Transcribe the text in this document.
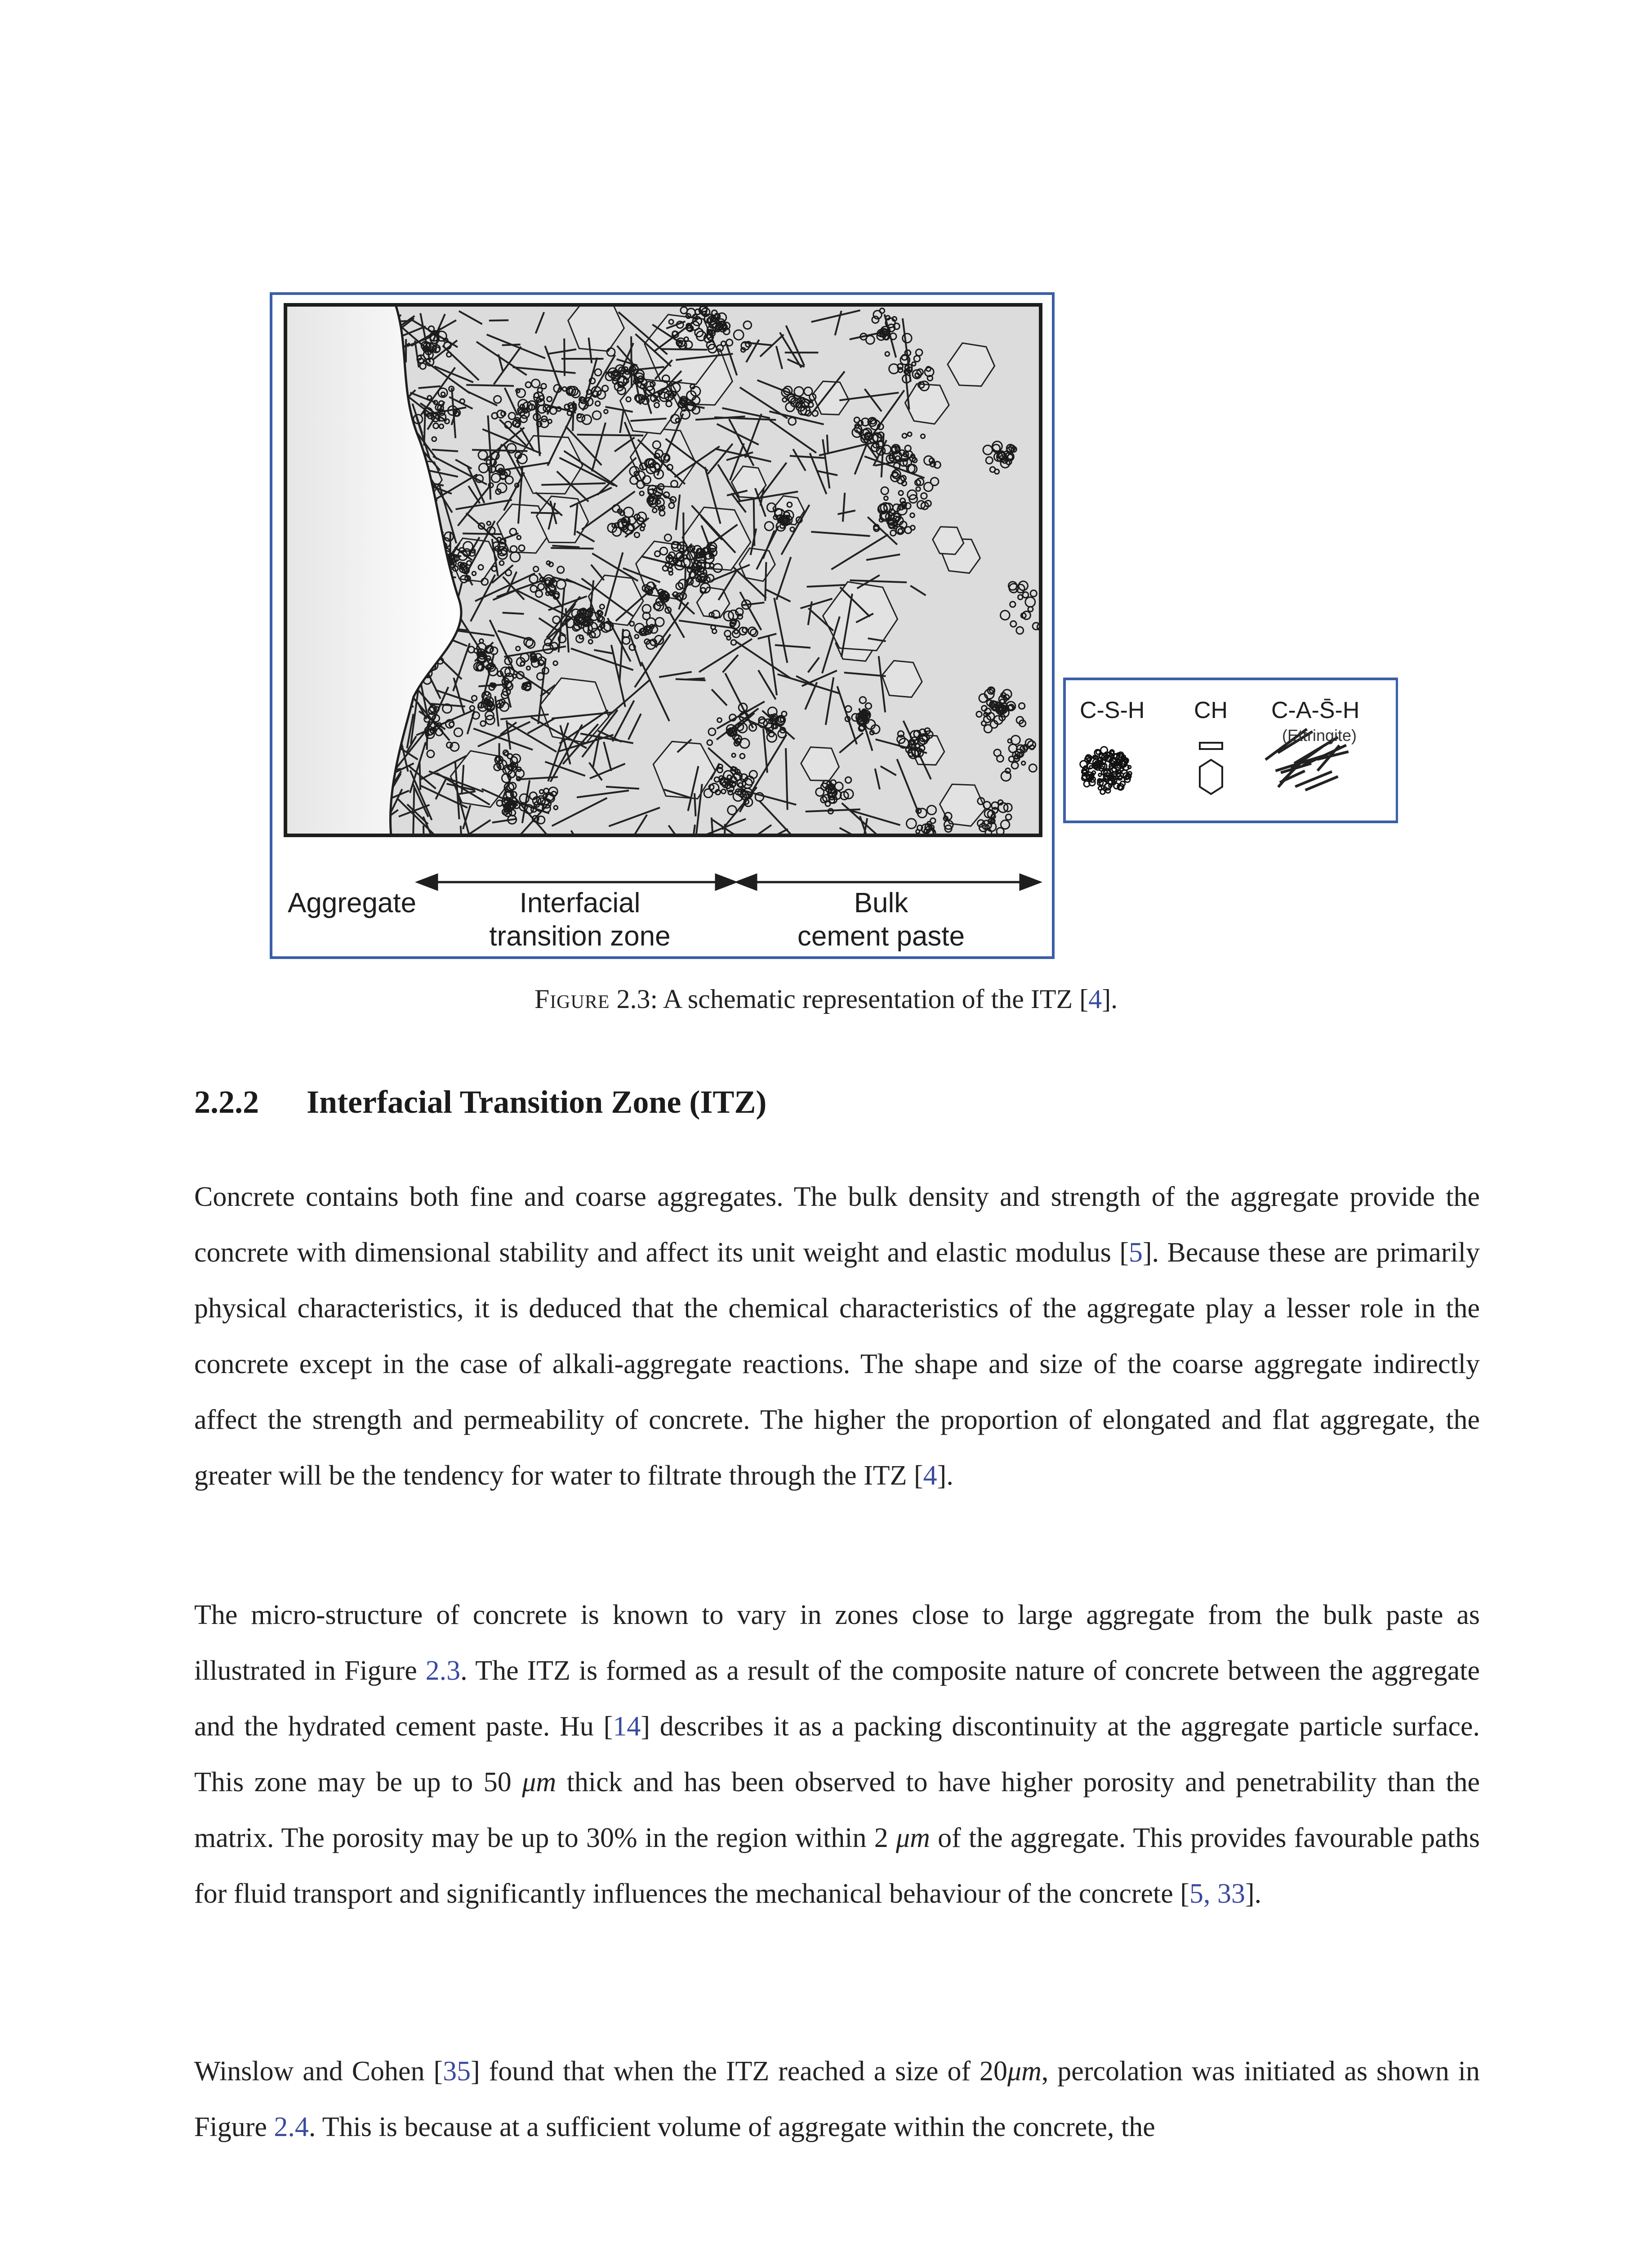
Aggregate	Interfacial
transition zone
Bulk
cement paste
C-S-H CH C-A-S̄-H
(Ettringite)
Figure 2.3: A schematic representation of the ITZ [4].
2.2.2 Interfacial Transition Zone (ITZ)

Concrete contains both fine and coarse aggregates. The bulk density and strength of the aggregate provide the concrete with dimensional stability and affect its unit weight and elastic modulus [5]. Because these are primarily physical characteristics, it is deduced that the chemical characteristics of the aggregate play a lesser role in the concrete except in the case of alkali-aggregate reactions. The shape and size of the coarse aggregate indirectly affect the strength and permeability of concrete. The higher the proportion of elongated and flat aggregate, the greater will be the tendency for water to filtrate through the ITZ [4].

The micro-structure of concrete is known to vary in zones close to large aggregate from the bulk paste as illustrated in Figure 2.3. The ITZ is formed as a result of the composite nature of concrete between the aggregate and the hydrated cement paste. Hu [14] describes it as a packing discontinuity at the aggregate particle surface. This zone may be up to 50 μm thick and has been observed to have higher porosity and penetrability than the matrix. The porosity may be up to 30% in the region within 2 μm of the aggregate. This provides favourable paths for fluid transport and significantly influences the mechanical behaviour of the concrete [5, 33].

Winslow and Cohen [35] found that when the ITZ reached a size of 20μm, percolation was initiated as shown in Figure 2.4. This is because at a sufficient volume of aggregate within the concrete, the
